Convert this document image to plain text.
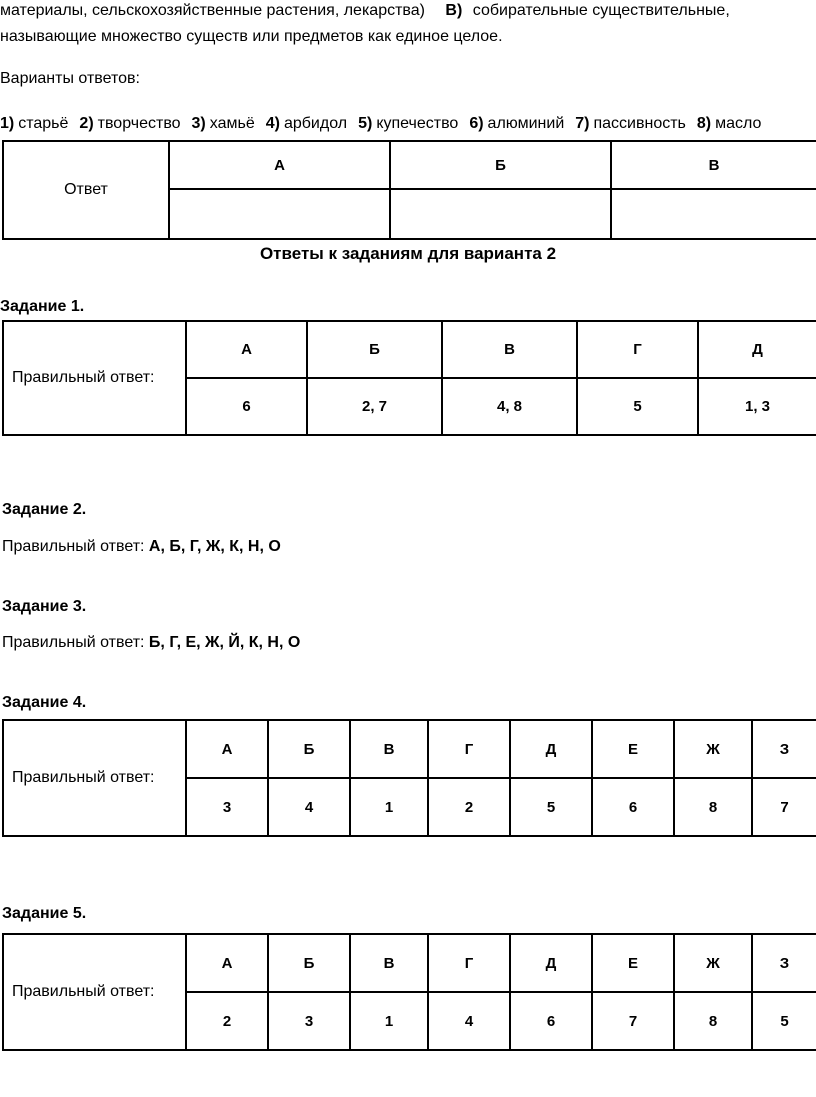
материалы, сельскохозяйственные растения, лекарства) В) собирательные существительные,
называющие множество существ или предметов как единое целое.
Варианты ответов:
1) старьё 2) творчество 3) хамьё 4) арбидол 5) купечество 6) алюминий 7) пассивность 8) масло
Ответ	А	Б	В

Ответы к заданиям для варианта 2
Задание 1.
Правильный ответ:	А	Б	В	Г	Д
	6	2, 7	4, 8	5	1, 3
Задание 2.
Правильный ответ: А, Б, Г, Ж, К, Н, О
Задание 3.
Правильный ответ: Б, Г, Е, Ж, Й, К, Н, О
Задание 4.
Правильный ответ:	А	Б	В	Г	Д	Е	Ж	З
	3	4	1	2	5	6	8	7
Задание 5.
Правильный ответ:	А	Б	В	Г	Д	Е	Ж	З
	2	3	1	4	6	7	8	5
